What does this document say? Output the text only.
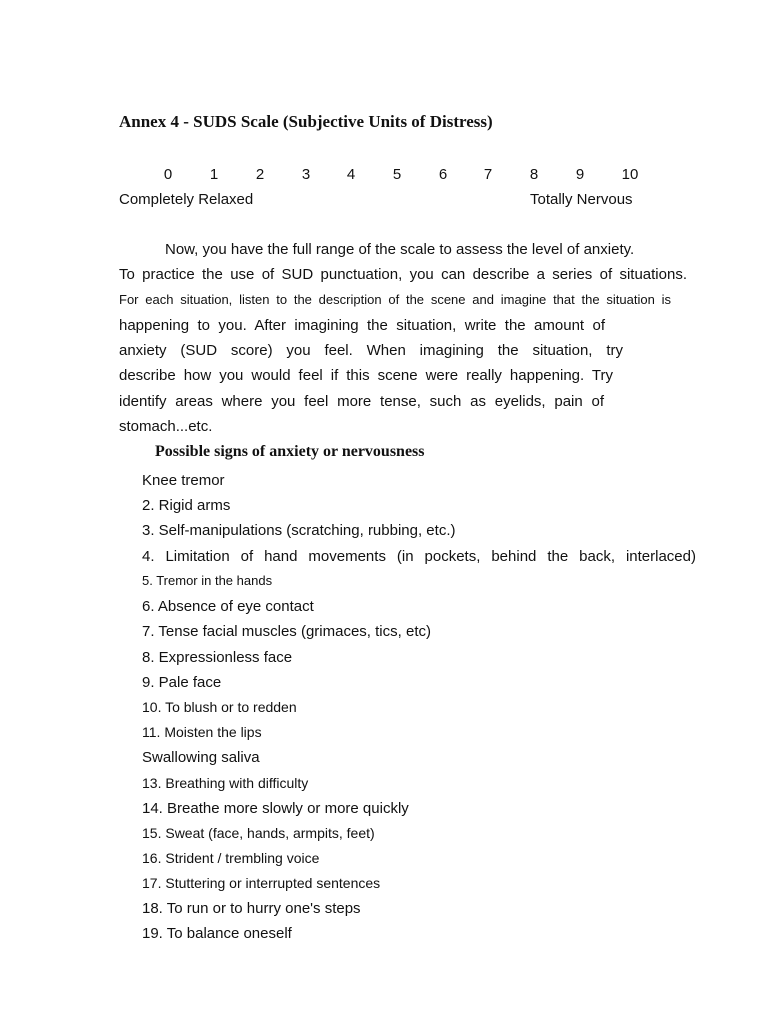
Annex 4 - SUDS Scale (Subjective Units of Distress)
0	1	2	3 4	5	6 7	8	9 10
Completely Relaxed	Totally Nervous
Now, you have the full range of the scale to assess the level of anxiety.
To practice the use of SUD punctuation, you can describe a series of situations.
For each situation, listen to the description of the scene and imagine that the situation is
happening to you. After imagining the situation, write the amount of
anxiety (SUD score) you feel. When imagining the situation, try
describe how you would feel if this scene were really happening. Try
identify areas where you feel more tense, such as eyelids, pain of
stomach...etc.
Possible signs of anxiety or nervousness
Knee tremor
2. Rigid arms
3. Self-manipulations (scratching, rubbing, etc.)
4. Limitation of hand movements (in pockets, behind the back, interlaced)
5. Tremor in the hands
6. Absence of eye contact
7. Tense facial muscles (grimaces, tics, etc)
8. Expressionless face
9. Pale face
10. To blush or to redden
11. Moisten the lips
Swallowing saliva
13. Breathing with difficulty
14. Breathe more slowly or more quickly
15. Sweat (face, hands, armpits, feet)
16. Strident / trembling voice
17. Stuttering or interrupted sentences
18. To run or to hurry one's steps
19. To balance oneself
